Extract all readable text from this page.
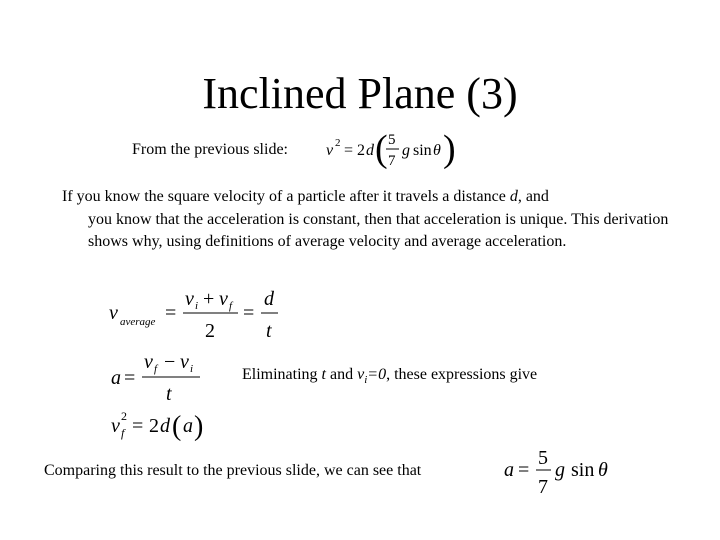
Inclined Plane (3)
From the previous slide: v 2 = 2 d ( 5
7
g sin θ )
If you know the square velocity of a particle after it travels a distance d, and
you know that the acceleration is constant, then that acceleration is unique. This derivation shows why, using definitions of average velocity and average acceleration.
v average =
v i + v f
2
=
d
t
a =
v f − v i
t
Eliminating t and $v_i=0$, these expressions give
v 2
f = 2 d ( a )
Comparing this result to the previous slide, we can see that	a =
5
7
g sin θ
